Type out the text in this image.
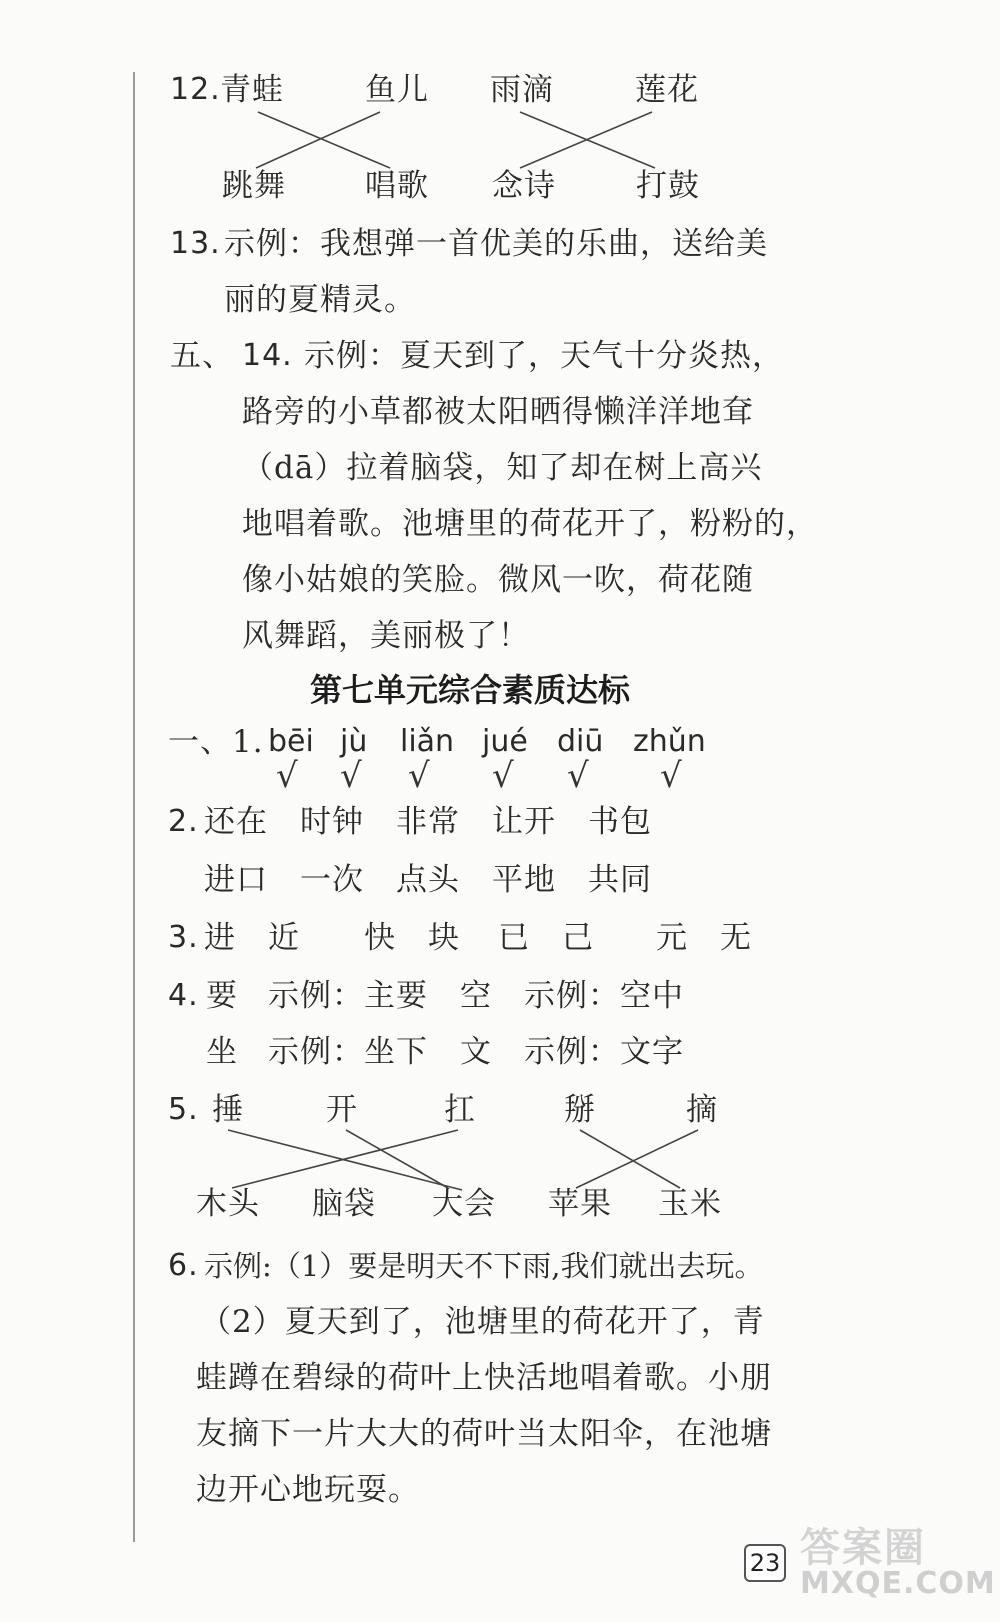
12. 青蛙	鱼儿 雨滴	莲花
跳舞	唱歌 念诗	打鼓
13. 示例：我想弹一首优美的乐曲，送给美
丽的夏精灵。
五、 14. 示例：夏天到了，天气十分炎热，
路旁的小草都被太阳晒得懒洋洋地耷
（dā）拉着脑袋，知了却在树上高兴
地唱着歌。池塘里的荷花开了，粉粉的，
像小姑娘的笑脸。微风一吹，荷花随
风舞蹈，美丽极了！
第七单元综合素质达标
一、1. bēi jù liǎn jué diū zhǔn
√ √ √ √ √ √
2. 还在 时钟 非常 让开 书包
进口 一次 点头 平地 共同
3. 进 近 快 块 已 己 元 无
4. 要 示例：主要 空 示例：空中
坐 示例：坐下 文 示例：文字
5. 捶	开	扛	掰	摘
木头 脑袋 大会 苹果 玉米
6. 示例:（1）要是明天不下雨,我们就出去玩。
（2）夏天到了，池塘里的荷花开了，青
蛙蹲在碧绿的荷叶上快活地唱着歌。小朋
友摘下一片大大的荷叶当太阳伞，在池塘
边开心地玩耍。
23 答案圈
MXQE.COM
